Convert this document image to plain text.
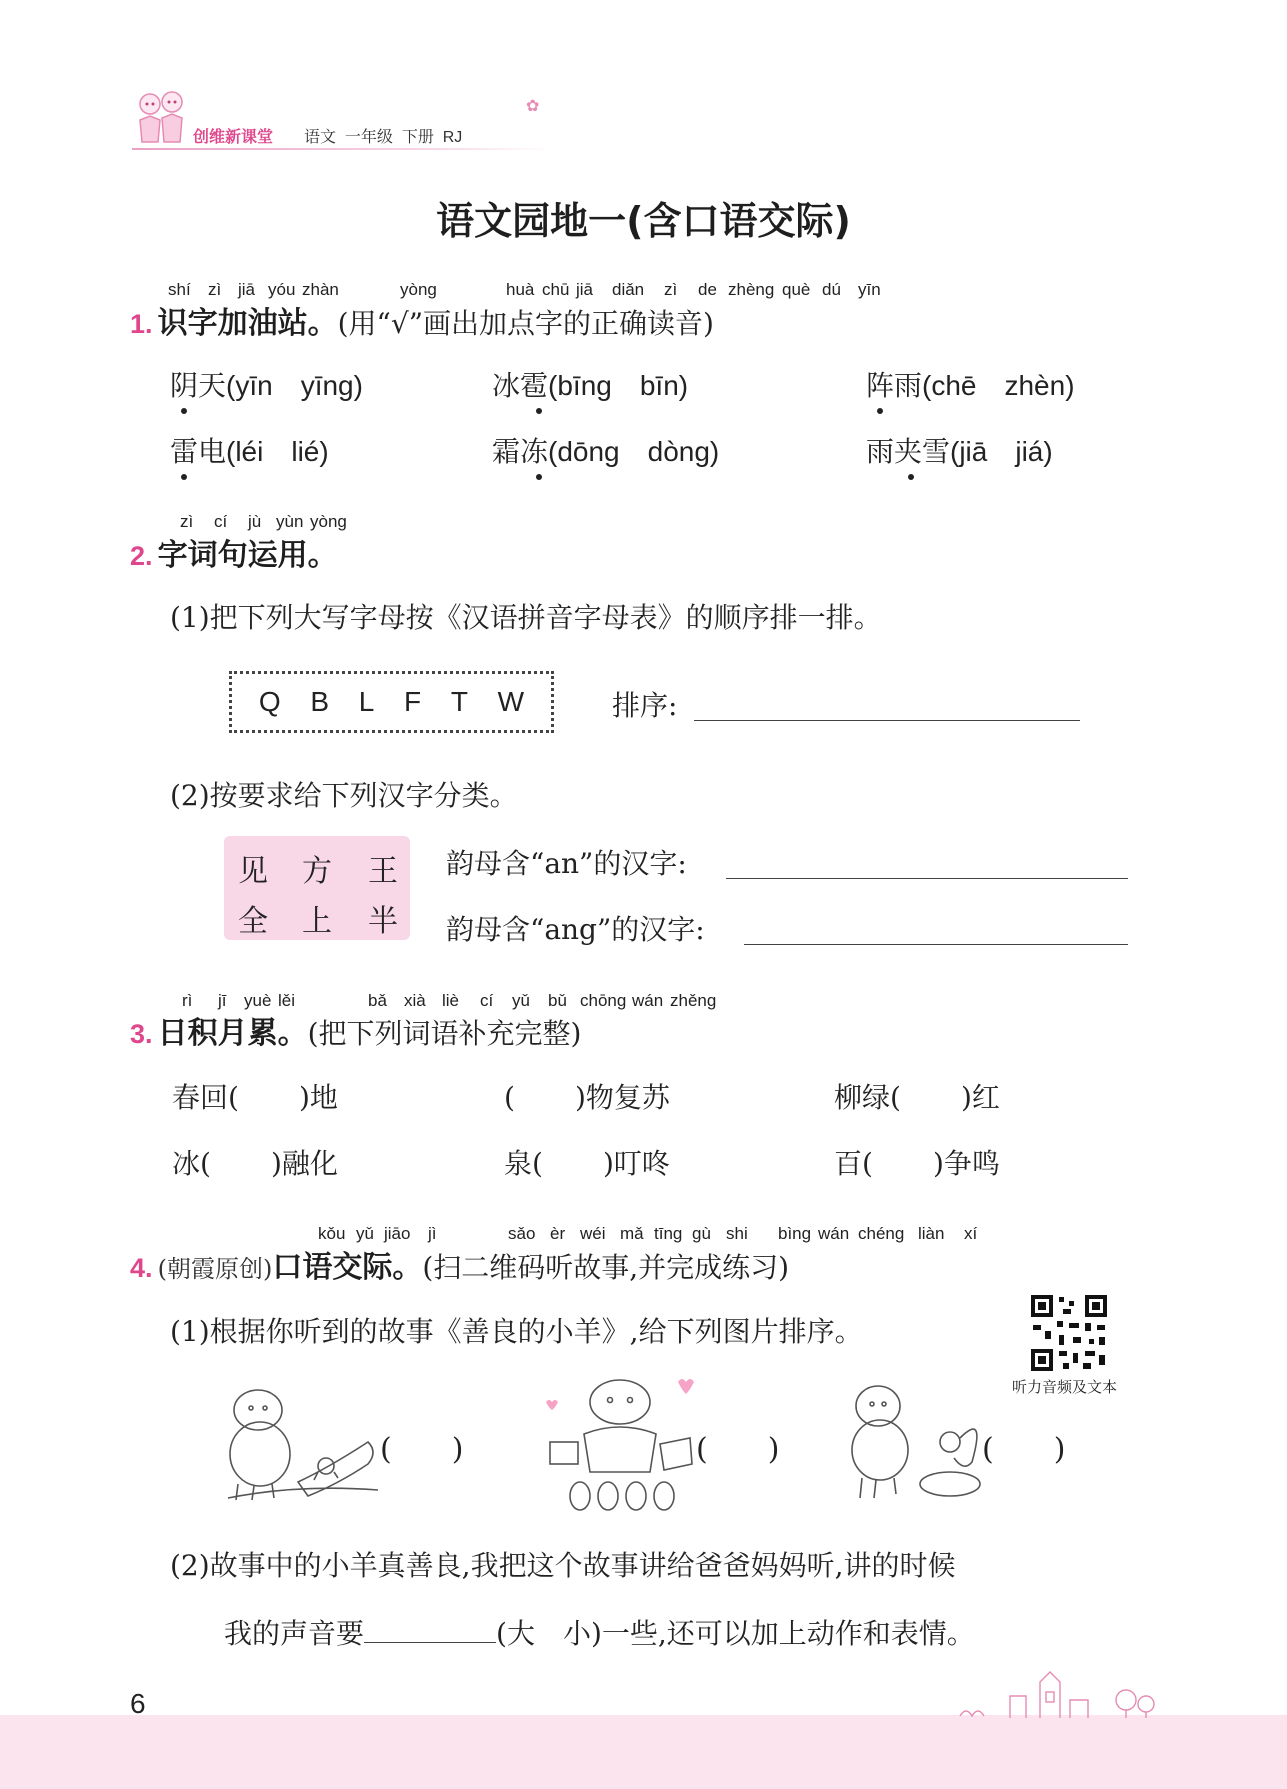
创维新课堂 语文 一年级 下册 RJ
✿
语文园地一(含口语交际)
shí zì jiā yóu zhàn	yòng	huà chū jiā diǎn zì de zhèng què dú yīn
1. 识字加油站。(用“√”画出加点字的正确读音)
阴天(yīn　yīng)	冰雹(bīng　bīn)	阵雨(chē　zhèn)
雷电(léi　lié)	霜冻(dōng　dòng)	雨夹雪(jiā　jiá)
zì cí jù yùn yòng
2. 字词句运用。
(1)把下列大写字母按《汉语拼音字母表》的顺序排一排。
Q B L F T W	排序:
(2)按要求给下列汉字分类。
见 方 王
全 上 半
韵母含“an”的汉字:
韵母含“ang”的汉字:
rì jī yuè lěi	bǎ xià liè cí yǔ bǔ chōng wán zhěng
3. 日积月累。(把下列词语补充完整)
春回( )地	( )物复苏	柳绿( )红
冰( )融化	泉( )叮咚	百( )争鸣
kǒu yǔ jiāo jì	sǎo èr wéi mǎ tīng gù shi bìng wán chéng liàn xí
4. (朝霞原创)口语交际。(扫二维码听故事,并完成练习)
(1)根据你听到的故事《善良的小羊》,给下列图片排序。
听力音频及文本
(　　)	(　　)	(　　)
(2)故事中的小羊真善良,我把这个故事讲给爸爸妈妈听,讲的时候
我的声音要	(大　小)一些,还可以加上动作和表情。
6
